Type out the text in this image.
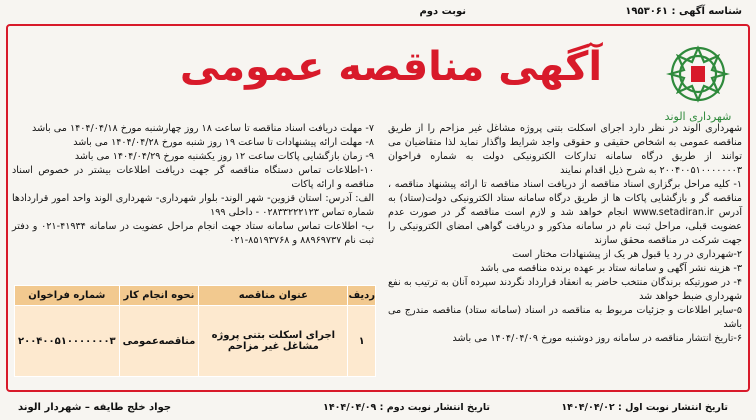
شناسه آگهی : ۱۹۵۳۰۶۱
نوبت دوم
شهرداری الوند
آگهی مناقصه عمومی	​

شهرداری الوند در نظر دارد اجرای اسکلت بتنی پروژه مشاغل غیر مزاحم را از طریق مناقصه عمومی به اشخاص حقیقی و حقوقی واجد شرایط واگذار نماید لذا متقاضیان می توانند از طریق درگاه سامانه تدارکات الکترونیکی دولت به شماره فراخوان ۲۰۰۴۰۰۵۱۰۰۰۰۰۰۰۳ به شرح ذیل اقدام نمایند

۱- کلیه مراحل برگزاری اسناد مناقصه از دریافت اسناد مناقصه تا ارائه پیشنهاد مناقصه ، مناقصه گر و بازگشایی پاکات ها از طریق درگاه سامانه ستاد الکترونیکی دولت(ستاد) به آدرس www.setadiran.ir انجام خواهد شد و لازم است مناقصه گر در صورت عدم عضویت قبلی، مراحل ثبت نام در سامانه مذکور و دریافت گواهی امضای الکترونیکی را جهت شرکت در مناقصه محقق سازند

۲-شهرداری در رد یا قبول هر یک از پیشنهادات مختار است

۳- هزینه نشر آگهی و سامانه ستاد بر عهده برنده مناقصه می باشد

۴- در صورتیکه برندگان منتخب حاضر به انعقاد قرارداد نگردند سپرده آنان به ترتیب به نفع شهرداری ضبط خواهد شد

۵-سایر اطلاعات و جزئیات مربوط به مناقصه در اسناد (سامانه ستاد) مناقصه مندرج می باشد

۶-تاریخ انتشار مناقصه در سامانه روز دوشنبه مورخ ۱۴۰۴/۰۴/۰۹ می باشد

۷- مهلت دریافت اسناد مناقصه تا ساعت ۱۸ روز چهارشنبه مورخ ۱۴۰۴/۰۴/۱۸ می باشد

۸- مهلت ارائه پیشنهادات تا ساعت ۱۹ روز شنبه مورخ ۱۴۰۴/۰۴/۲۸ می باشد

۹- زمان بازگشایی پاکات ساعت ۱۲ روز یکشنبه مورخ ۱۴۰۴/۰۴/۲۹ می باشد

۱۰-اطلاعات تماس دستگاه مناقصه گر جهت دریافت اطلاعات بیشتر در خصوص اسناد مناقصه و ارائه پاکات

الف: آدرس: استان قزوین- شهر الوند- بلوار شهرداری- شهرداری الوند واحد امور قراردادها شماره تماس ۰۲۸۳۳۲۲۲۱۲۳ - داخلی ۱۹۹

ب- اطلاعات تماس سامانه ستاد جهت انجام مراحل عضویت در سامانه ۴۱۹۳۴-۰۲۱ و دفتر ثبت نام ۸۸۹۶۹۷۳۷ و ۸۵۱۹۳۷۶۸-۰۲۱

ردیف	عنوان مناقصه	نحوه انجام کار	شماره فراخوان
۱	اجرای اسکلت بتنی پروژه مشاغل غیر مزاحم	مناقصه‌عمومی	۲۰۰۴۰۰۵۱۰۰۰۰۰۰۰۳
تاریخ انتشار نوبت اول : ۱۴۰۴/۰۴/۰۲
تاریخ انتشار نوبت دوم : ۱۴۰۴/۰۴/۰۹
جواد خلج طایفه – شهردار الوند
